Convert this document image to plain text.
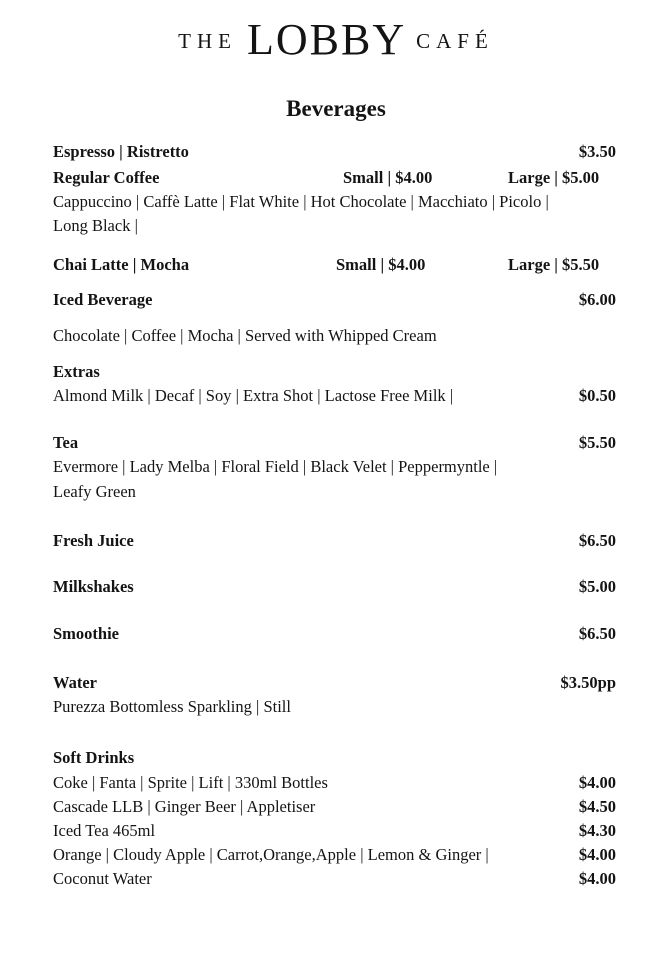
THE LOBBY CAFÉ
Beverages
Espresso | Ristretto	$3.50
Regular Coffee	Small | $4.00	Large | $5.00
Cappuccino | Caffè Latte | Flat White | Hot Chocolate | Macchiato | Picolo |
Long Black |
Chai Latte | Mocha	Small | $4.00	Large | $5.50
Iced Beverage	$6.00
Chocolate | Coffee | Mocha | Served with Whipped Cream
Extras
Almond Milk | Decaf | Soy | Extra Shot | Lactose Free Milk |	$0.50
Tea	$5.50
Evermore | Lady Melba | Floral Field | Black Velet | Peppermyntle |
Leafy Green
Fresh Juice	$6.50
Milkshakes	$5.00
Smoothie	$6.50
Water	$3.50pp
Purezza Bottomless Sparkling | Still
Soft Drinks
Coke | Fanta | Sprite | Lift | 330ml Bottles	$4.00
Cascade LLB | Ginger Beer | Appletiser	$4.50
Iced Tea 465ml	$4.30
Orange | Cloudy Apple | Carrot,Orange,Apple | Lemon & Ginger |	$4.00
Coconut Water	$4.00
